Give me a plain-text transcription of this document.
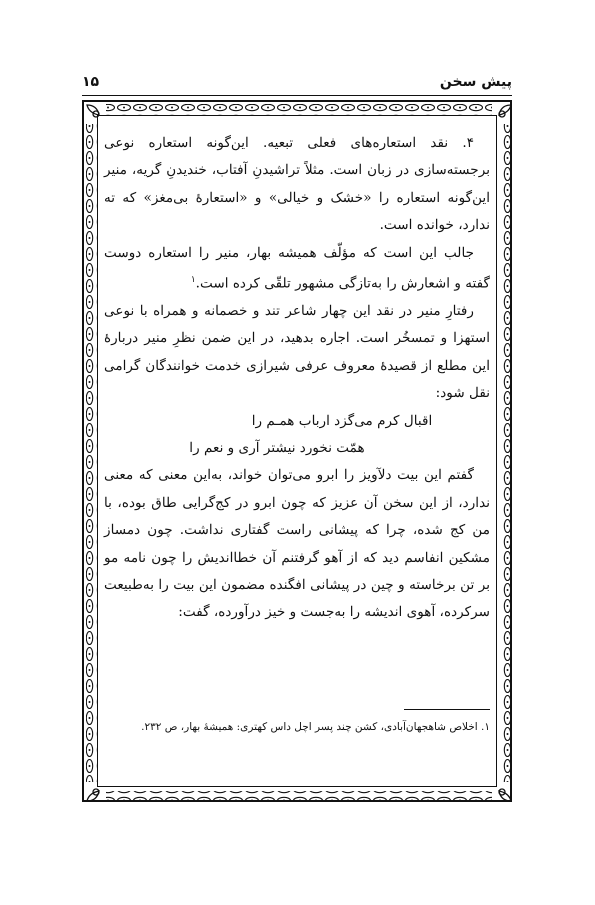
پیش سخن
۱۵

۴. نقد استعاره‌های فعلی تبعیه. این‌گونه استعاره نوعی برجسته‌سازی در زبان است. مثلاً تراشیدنِ آفتاب، خندیدنِ گریه، منیر این‌گونه استعاره را «خشک و خیالی» و «استعارهٔ بی‌مغز» که ته ندارد، خوانده است.

جالب این است که مؤلّف همیشه بهار، منیر را استعاره دوست گفته و اشعارش را به‌تازگی مشهور تلقّی کرده است.$^۱$

رفتارِ منیر در نقد این چهار شاعر تند و خصمانه و همراه با نوعی استهزا و تمسخُر است. اجاره بدهید، در این ضمن نظرِ منیر دربارهٔ این مطلع از قصیدهٔ معروف عرفی شیرازی خدمت خوانندگان گرامی نقل شود:

اقبال کرم می‌گزد ارباب همـم را

همّت نخورد نیشتر آری و نعم را

گفتم این بیت دلآویز را ابرو می‌توان خواند، به‌این معنی که معنی ندارد، از این سخن آن عزیز که چون ابرو در کج‌گرایی طاق بوده، با من کج شده، چرا که پیشانی راست گفتاری نداشت. چون دمساز مشکین انفاسم دید که از آهو گرفتنم آن خطااندیش را چون نامه مو بر تن برخاسته و چین در پیشانی افگنده مضمون این بیت را به‌طبیعت سرکرده، آهوی اندیشه را به‌جست و خیز درآورده، گفت:

۱. اخلاص شاهجهان‌آبادی، کشن چند پسر اچل داس کهتری: همیشهٔ بهار، ص ۲۳۲.
